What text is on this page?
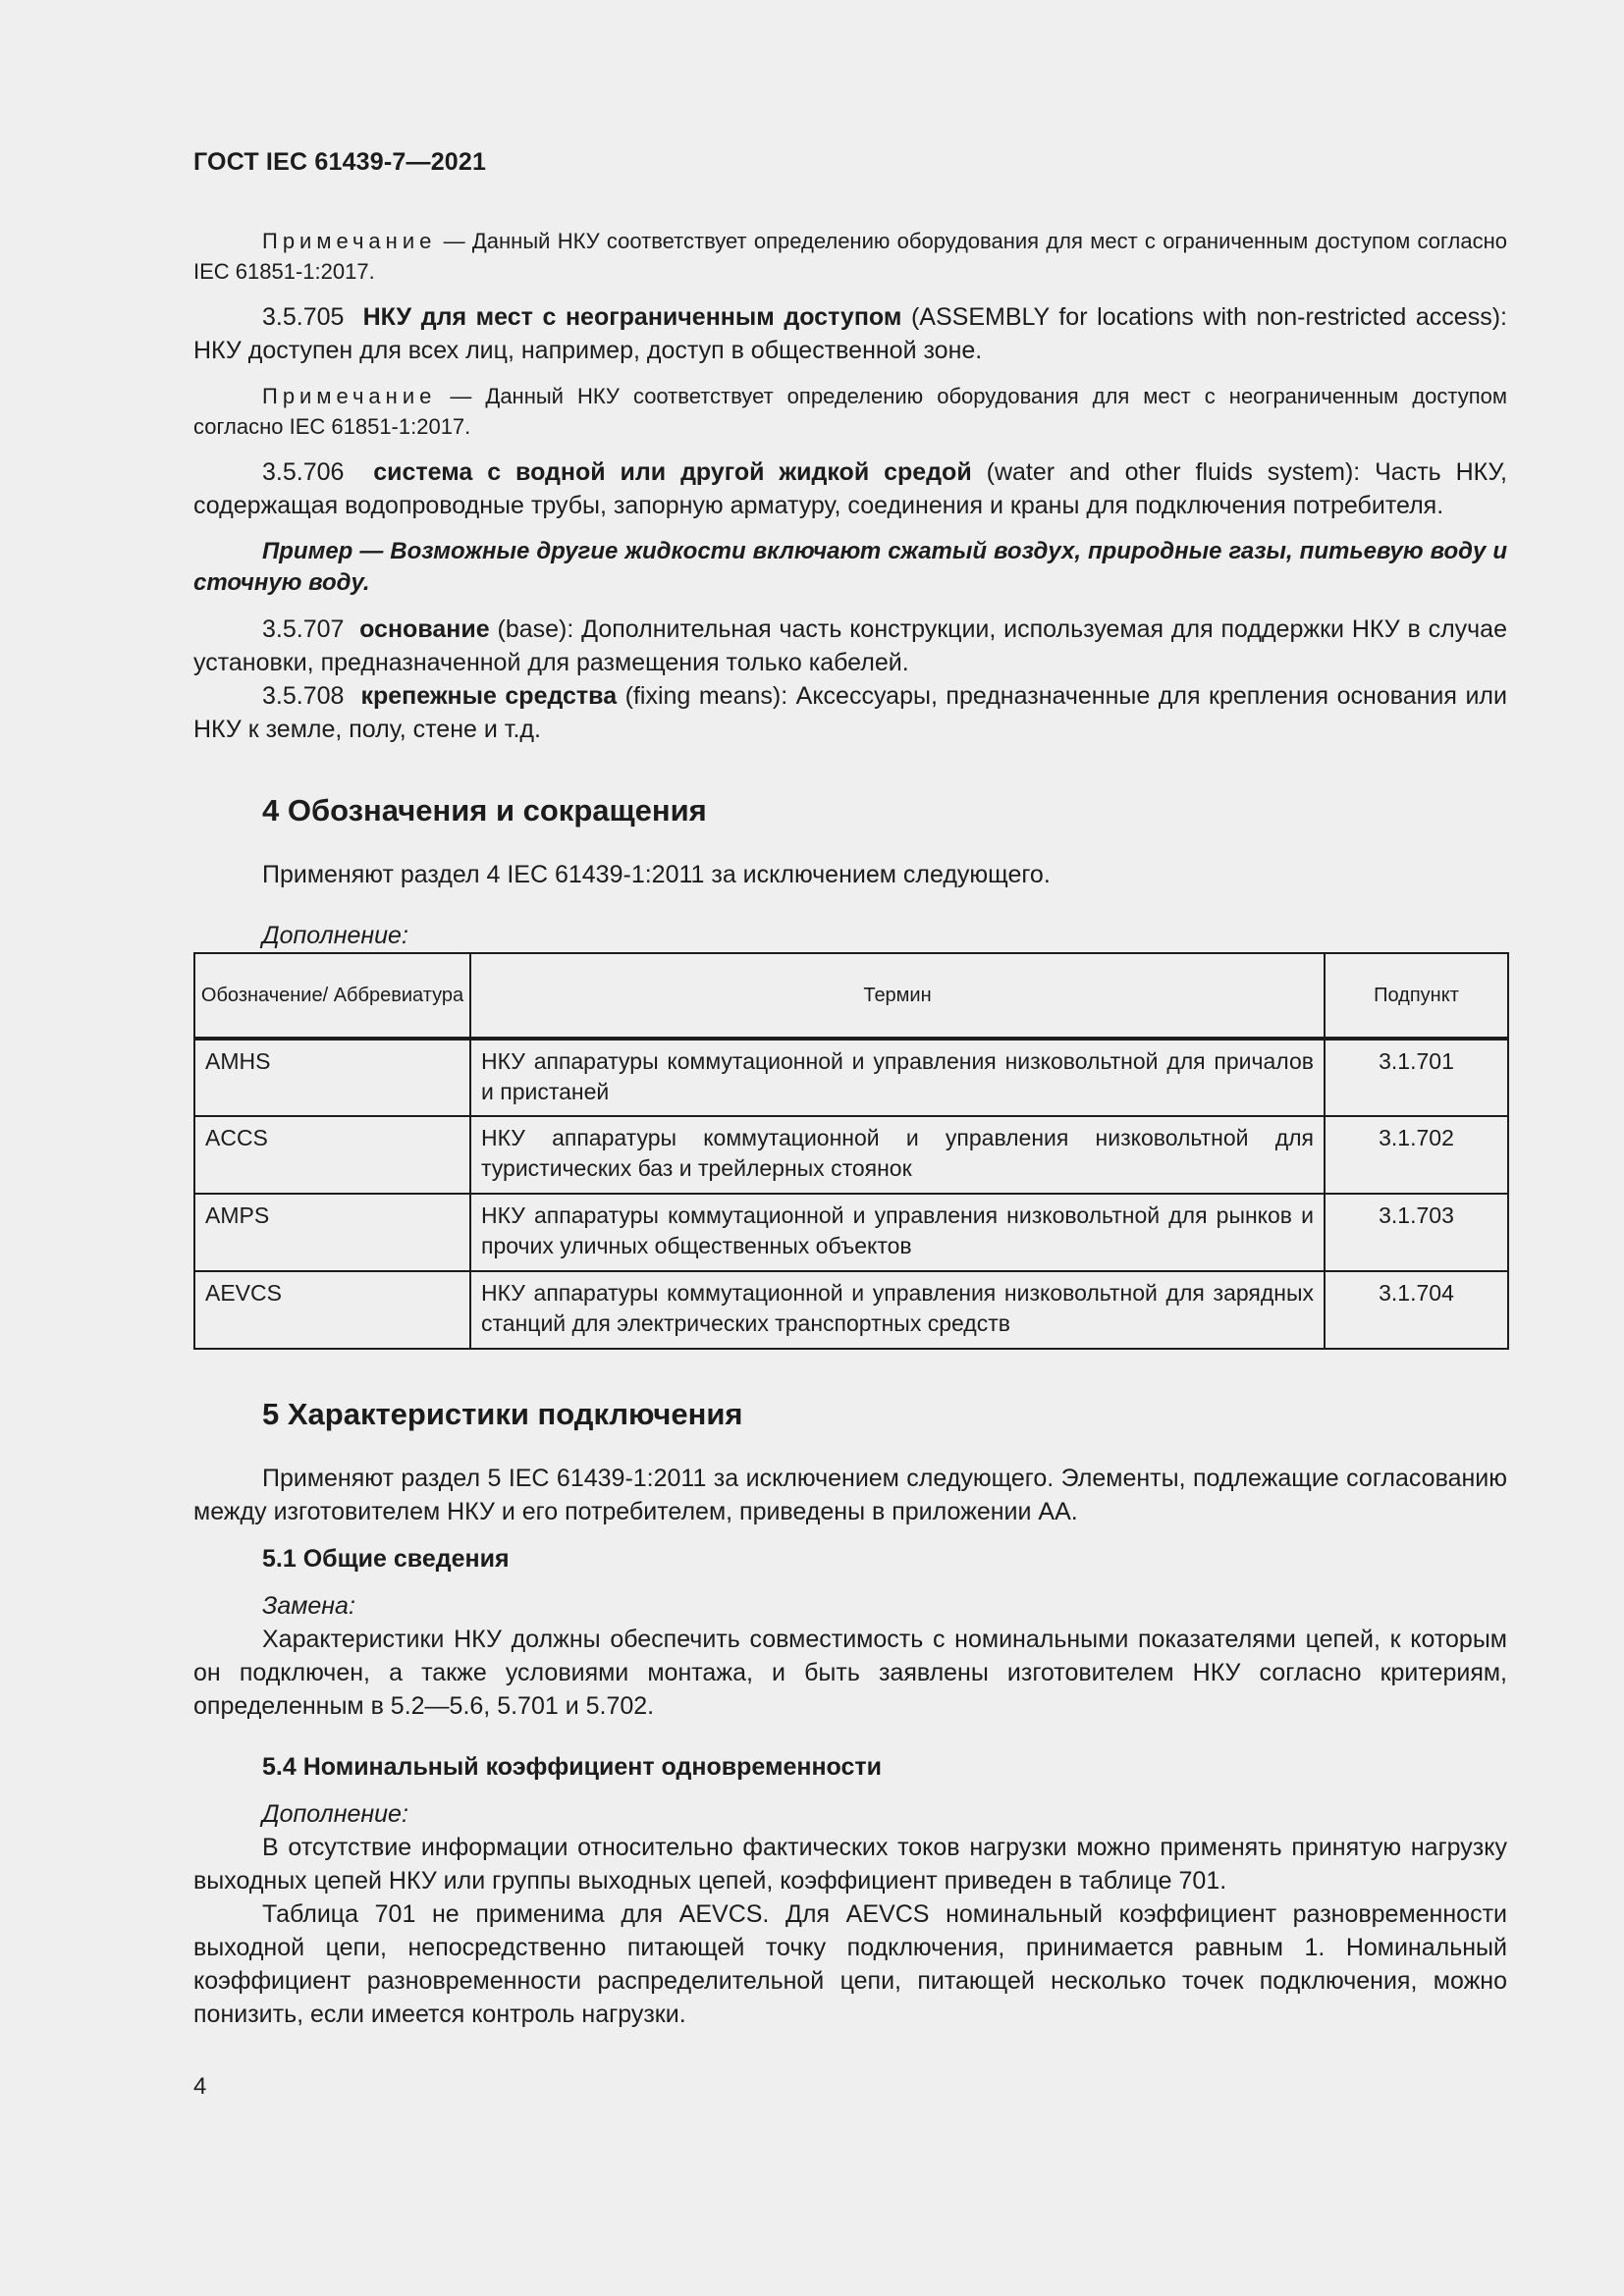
ГОСТ IEC 61439-7—2021

Примечание — Данный НКУ соответствует определению оборудования для мест с ограниченным доступом согласно IEC 61851-1:2017.

3.5.705 НКУ для мест с неограниченным доступом (ASSEMBLY for locations with non-restricted access): НКУ доступен для всех лиц, например, доступ в общественной зоне.

Примечание — Данный НКУ соответствует определению оборудования для мест с неограниченным доступом согласно IEC 61851-1:2017.

3.5.706 система с водной или другой жидкой средой (water and other fluids system): Часть НКУ, содержащая водопроводные трубы, запорную арматуру, соединения и краны для подключения потребителя.

Пример — Возможные другие жидкости включают сжатый воздух, природные газы, питьевую воду и сточную воду.

3.5.707 основание (base): Дополнительная часть конструкции, используемая для поддержки НКУ в случае установки, предназначенной для размещения только кабелей.

3.5.708 крепежные средства (fixing means): Аксессуары, предназначенные для крепления основания или НКУ к земле, полу, стене и т.д.

4 Обозначения и сокращения

Применяют раздел 4 IEC 61439-1:2011 за исключением следующего.

Дополнение:

Обозначение/ Аббревиатура	Термин	Подпункт
AMHS	НКУ аппаратуры коммутационной и управления низковольтной для причалов и пристаней	3.1.701
ACCS	НКУ аппаратуры коммутационной и управления низковольтной для туристических баз и трейлерных стоянок	3.1.702
AMPS	НКУ аппаратуры коммутационной и управления низковольтной для рынков и прочих уличных общественных объектов	3.1.703
AEVCS	НКУ аппаратуры коммутационной и управления низковольтной для зарядных станций для электрических транспортных средств	3.1.704
5 Характеристики подключения

Применяют раздел 5 IEC 61439-1:2011 за исключением следующего. Элементы, подлежащие согласованию между изготовителем НКУ и его потребителем, приведены в приложении АА.

5.1 Общие сведения

Замена:

Характеристики НКУ должны обеспечить совместимость с номинальными показателями цепей, к которым он подключен, а также условиями монтажа, и быть заявлены изготовителем НКУ согласно критериям, определенным в 5.2—5.6, 5.701 и 5.702.

5.4 Номинальный коэффициент одновременности

Дополнение:

В отсутствие информации относительно фактических токов нагрузки можно применять принятую нагрузку выходных цепей НКУ или группы выходных цепей, коэффициент приведен в таблице 701.

Таблица 701 не применима для AEVCS. Для AEVCS номинальный коэффициент разновременности выходной цепи, непосредственно питающей точку подключения, принимается равным 1. Номинальный коэффициент разновременности распределительной цепи, питающей несколько точек подключения, можно понизить, если имеется контроль нагрузки.

4
